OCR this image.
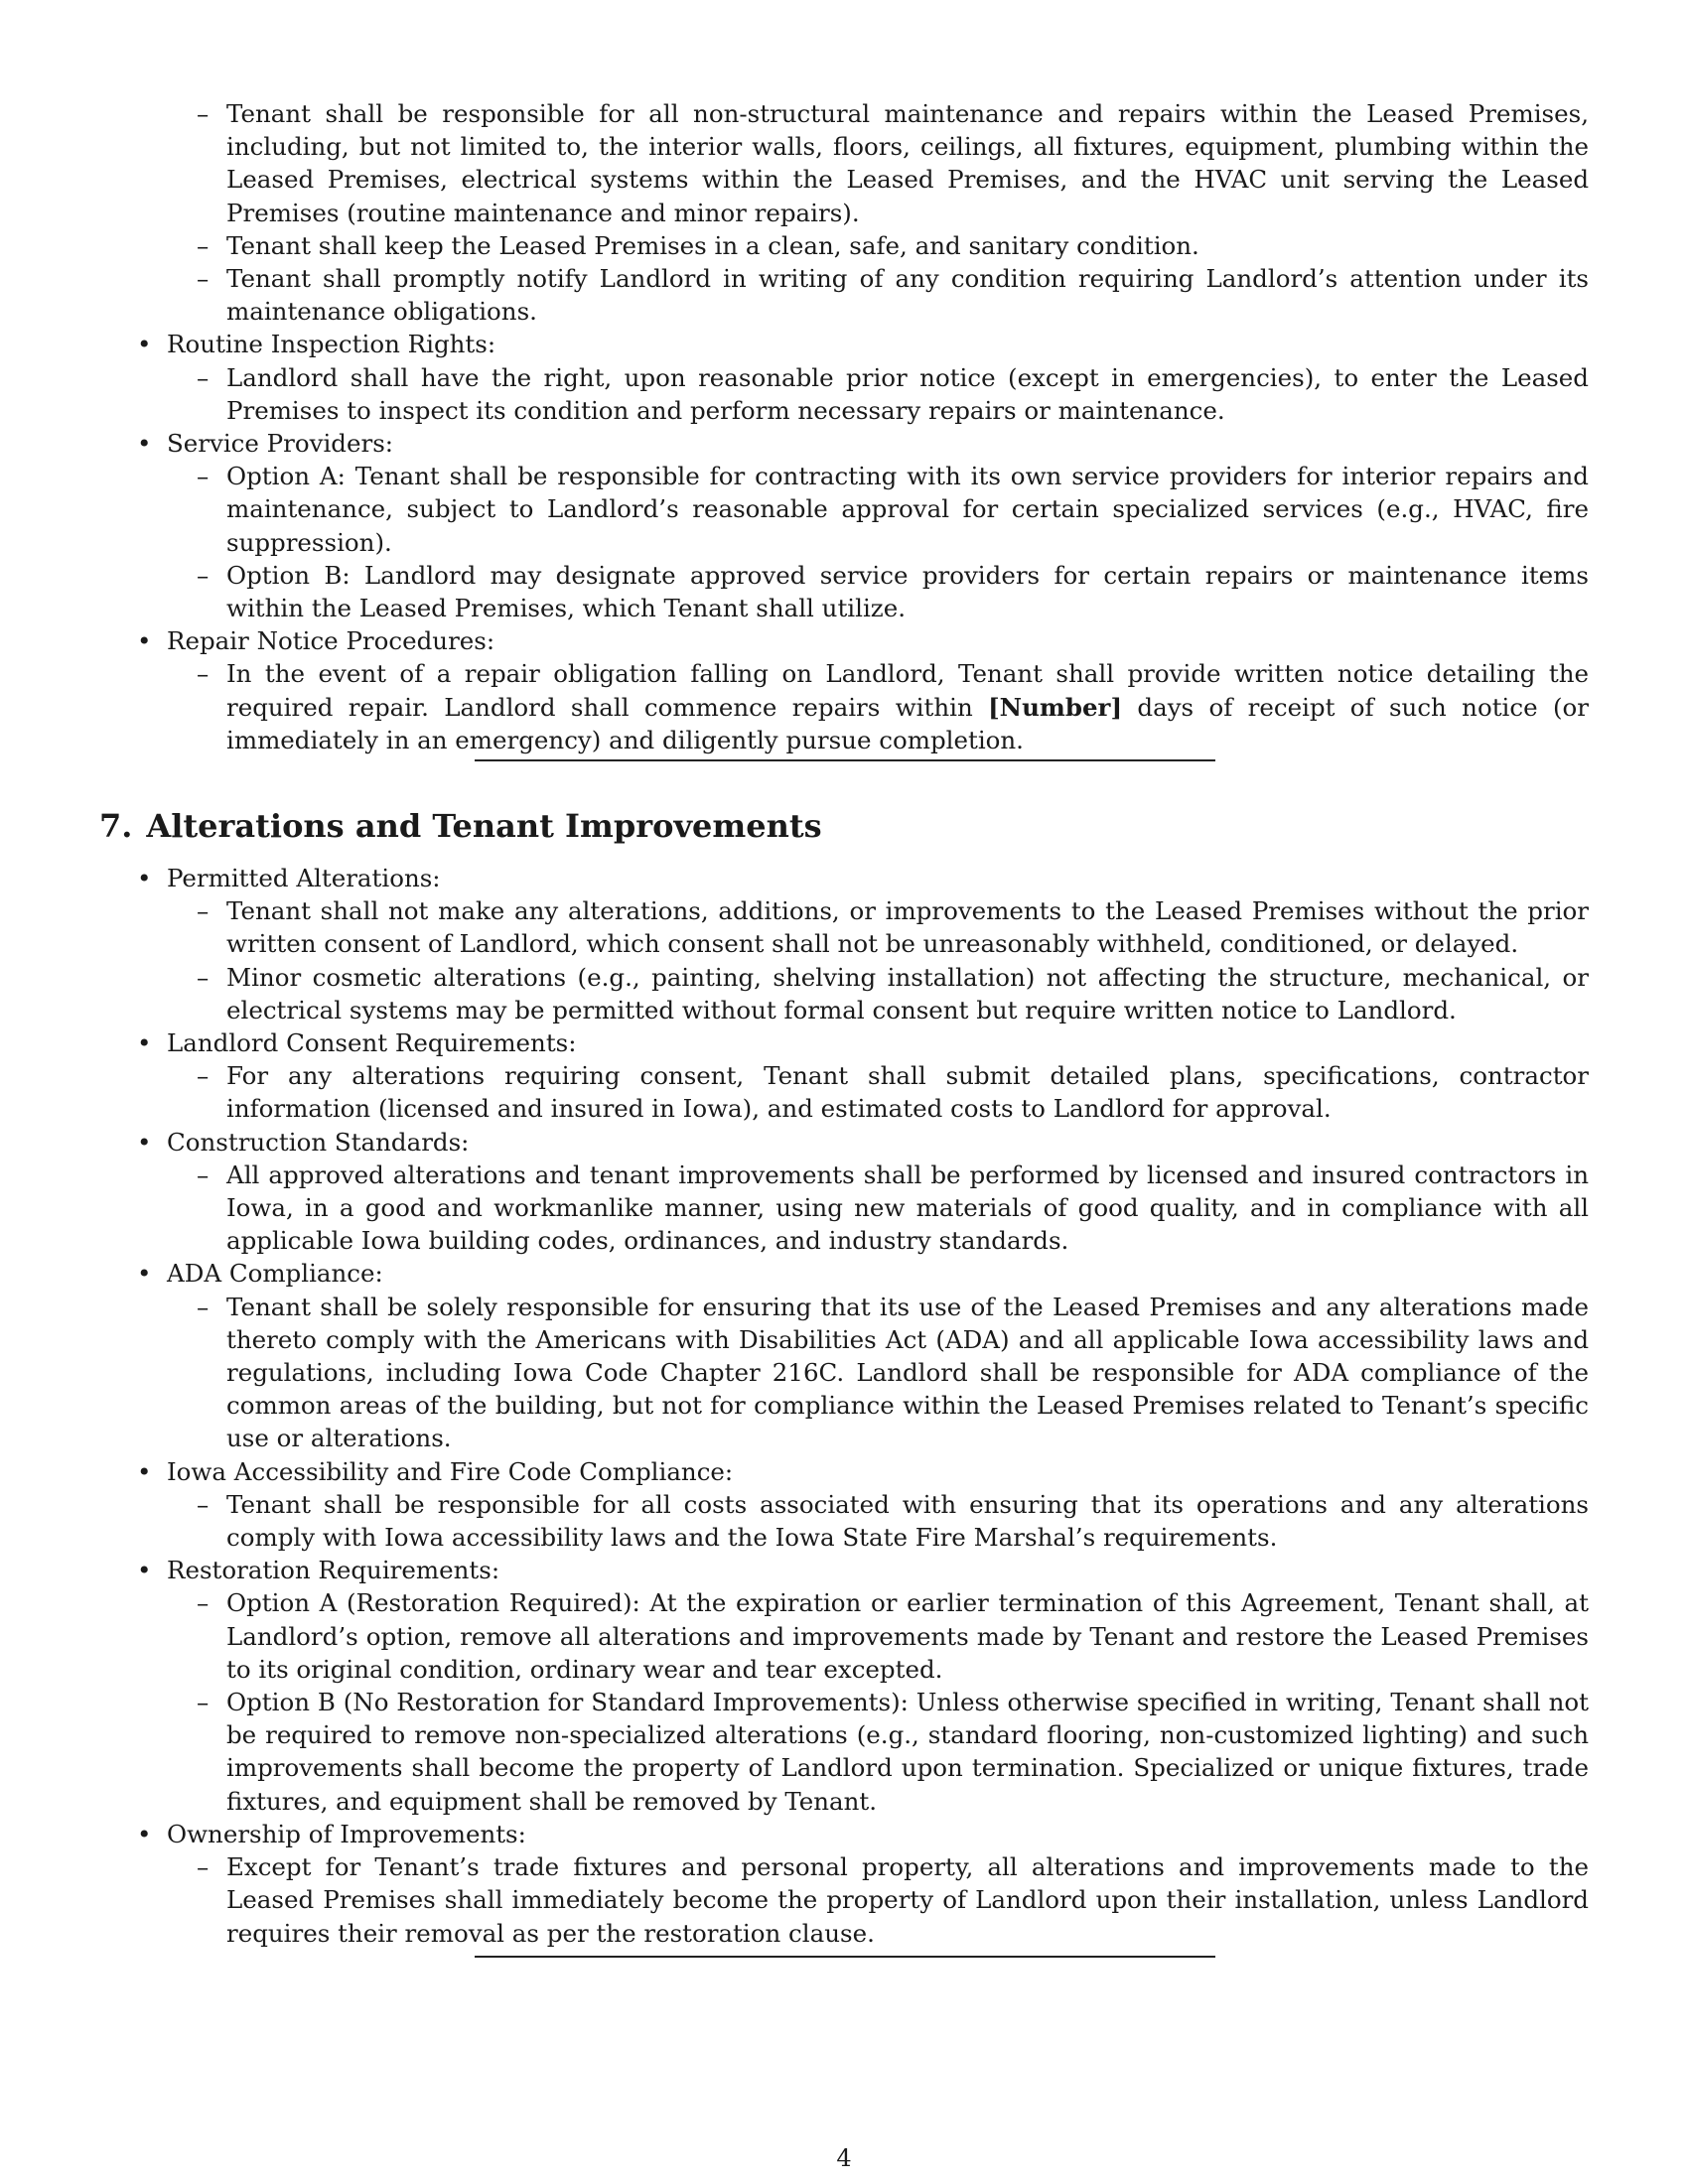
– Tenant shall be responsible for all non-structural maintenance and repairs within the Leased Premises, including, but not limited to, the interior walls, floors, ceilings, all fixtures, equipment, plumbing within the Leased Premises, electrical systems within the Leased Premises, and the HVAC unit serving the Leased Premises (routine maintenance and minor repairs).
– Tenant shall keep the Leased Premises in a clean, safe, and sanitary condition.
– Tenant shall promptly notify Landlord in writing of any condition requiring Landlord’s attention under its maintenance obligations.
• Routine Inspection Rights:
– Landlord shall have the right, upon reasonable prior notice (except in emergencies), to enter the Leased Premises to inspect its condition and perform necessary repairs or maintenance.
• Service Providers:
– Option A: Tenant shall be responsible for contracting with its own service providers for interior repairs and maintenance, subject to Landlord’s reasonable approval for certain specialized services (e.g., HVAC, fire suppression).
– Option B: Landlord may designate approved service providers for certain repairs or maintenance items within the Leased Premises, which Tenant shall utilize.
• Repair Notice Procedures:
– In the event of a repair obligation falling on Landlord, Tenant shall provide written notice detailing the required repair. Landlord shall commence repairs within [Number] days of receipt of such notice (or immediately in an emergency) and diligently pursue completion.
7. Alterations and Tenant Improvements
• Permitted Alterations:
– Tenant shall not make any alterations, additions, or improvements to the Leased Premises without the prior written consent of Landlord, which consent shall not be unreasonably withheld, conditioned, or delayed.
– Minor cosmetic alterations (e.g., painting, shelving installation) not affecting the structure, mechanical, or electrical systems may be permitted without formal consent but require written notice to Landlord.
• Landlord Consent Requirements:
– For any alterations requiring consent, Tenant shall submit detailed plans, specifications, contractor information (licensed and insured in Iowa), and estimated costs to Landlord for approval.
• Construction Standards:
– All approved alterations and tenant improvements shall be performed by licensed and insured contractors in Iowa, in a good and workmanlike manner, using new materials of good quality, and in compliance with all applicable Iowa building codes, ordinances, and industry standards.
• ADA Compliance:
– Tenant shall be solely responsible for ensuring that its use of the Leased Premises and any alterations made thereto comply with the Americans with Disabilities Act (ADA) and all applicable Iowa accessibility laws and regulations, including Iowa Code Chapter 216C. Landlord shall be responsible for ADA compliance of the common areas of the building, but not for compliance within the Leased Premises related to Tenant’s specific use or alterations.
• Iowa Accessibility and Fire Code Compliance:
– Tenant shall be responsible for all costs associated with ensuring that its operations and any alterations comply with Iowa accessibility laws and the Iowa State Fire Marshal’s requirements.
• Restoration Requirements:
– Option A (Restoration Required): At the expiration or earlier termination of this Agreement, Tenant shall, at Landlord’s option, remove all alterations and improvements made by Tenant and restore the Leased Premises to its original condition, ordinary wear and tear excepted.
– Option B (No Restoration for Standard Improvements): Unless otherwise specified in writing, Tenant shall not be required to remove non-specialized alterations (e.g., standard flooring, non-customized lighting) and such improvements shall become the property of Landlord upon termination. Specialized or unique fixtures, trade fixtures, and equipment shall be removed by Tenant.
• Ownership of Improvements:
– Except for Tenant’s trade fixtures and personal property, all alterations and improvements made to the Leased Premises shall immediately become the property of Landlord upon their installation, unless Landlord requires their removal as per the restoration clause.
4
